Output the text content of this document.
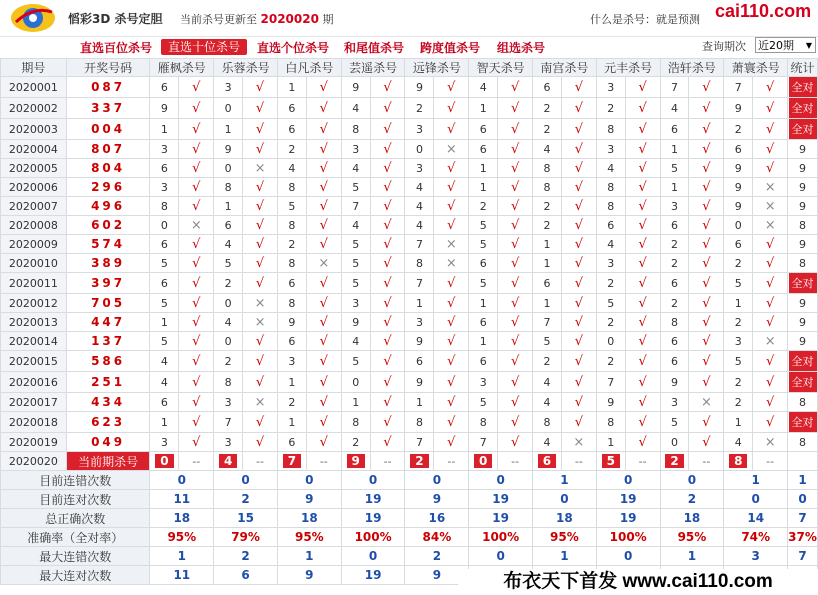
慆彩3D 杀号定胆 当前杀号更新至 2020020 期	什么是杀号：就是预测 cai110.com
直选百位杀号	直选十位杀号	直选个位杀号 和尾值杀号 跨度值杀号 组选杀号	查询期次 近20期 ▼
期号	开奖号码	雁枫杀号		乐蓉杀号		白凡杀号		芸遥杀号		远锋杀号		智天杀号		南宫杀号		元丰杀号		浩轩杀号		萧寰杀号		统计
2020001	087	6	√	3	√	1	√	9	√	9	√	4	√	6	√	3	√	7	√	7	√	全对
2020002	337	9	√	0	√	6	√	4	√	2	√	1	√	2	√	2	√	4	√	9	√	全对
2020003	004	1	√	1	√	6	√	8	√	3	√	6	√	2	√	8	√	6	√	2	√	全对
2020004	807	3	√	9	√	2	√	3	√	0	×	6	√	4	√	3	√	1	√	6	√	9
2020005	804	6	√	0	×	4	√	4	√	3	√	1	√	8	√	4	√	5	√	9	√	9
2020006	296	3	√	8	√	8	√	5	√	4	√	1	√	8	√	8	√	1	√	9	×	9
2020007	496	8	√	1	√	5	√	7	√	4	√	2	√	2	√	8	√	3	√	9	×	9
2020008	602	0	×	6	√	8	√	4	√	4	√	5	√	2	√	6	√	6	√	0	×	8
2020009	574	6	√	4	√	2	√	5	√	7	×	5	√	1	√	4	√	2	√	6	√	9
2020010	389	5	√	5	√	8	×	5	√	8	×	6	√	1	√	3	√	2	√	2	√	8
2020011	397	6	√	2	√	6	√	5	√	7	√	5	√	6	√	2	√	6	√	5	√	全对
2020012	705	5	√	0	×	8	√	3	√	1	√	1	√	1	√	5	√	2	√	1	√	9
2020013	447	1	√	4	×	9	√	9	√	3	√	6	√	7	√	2	√	8	√	2	√	9
2020014	137	5	√	0	√	6	√	4	√	9	√	1	√	5	√	0	√	6	√	3	×	9
2020015	586	4	√	2	√	3	√	5	√	6	√	6	√	2	√	2	√	6	√	5	√	全对
2020016	251	4	√	8	√	1	√	0	√	9	√	3	√	4	√	7	√	9	√	2	√	全对
2020017	434	6	√	3	×	2	√	1	√	1	√	5	√	4	√	9	√	3	×	2	√	8
2020018	623	1	√	7	√	1	√	8	√	8	√	8	√	8	√	8	√	5	√	1	√	全对
2020019	049	3	√	3	√	6	√	2	√	7	√	7	√	4	×	1	√	0	√	4	×	8
2020020	当前期杀号	0	--	4	--	7	--	9	--	2	--	0	--	6	--	5	--	2	--	8	--	
目前连错次数		0		0		0		0		0		0		1		0		0		1		1
目前连对次数		11		2		9		19		9		19		0		19		2		0		0
总正确次数		18		15		18		19		16		19		18		19		18		14		7
准确率（全对率）		95%		79%		95%		100%		84%		100%		95%		100%		95%		74%		37%
最大连错次数		1		2		1		0		2		0		1		0		1		3		7
最大连对次数		11		6		9		19		9													布衣天下首发 www.cai110.com
